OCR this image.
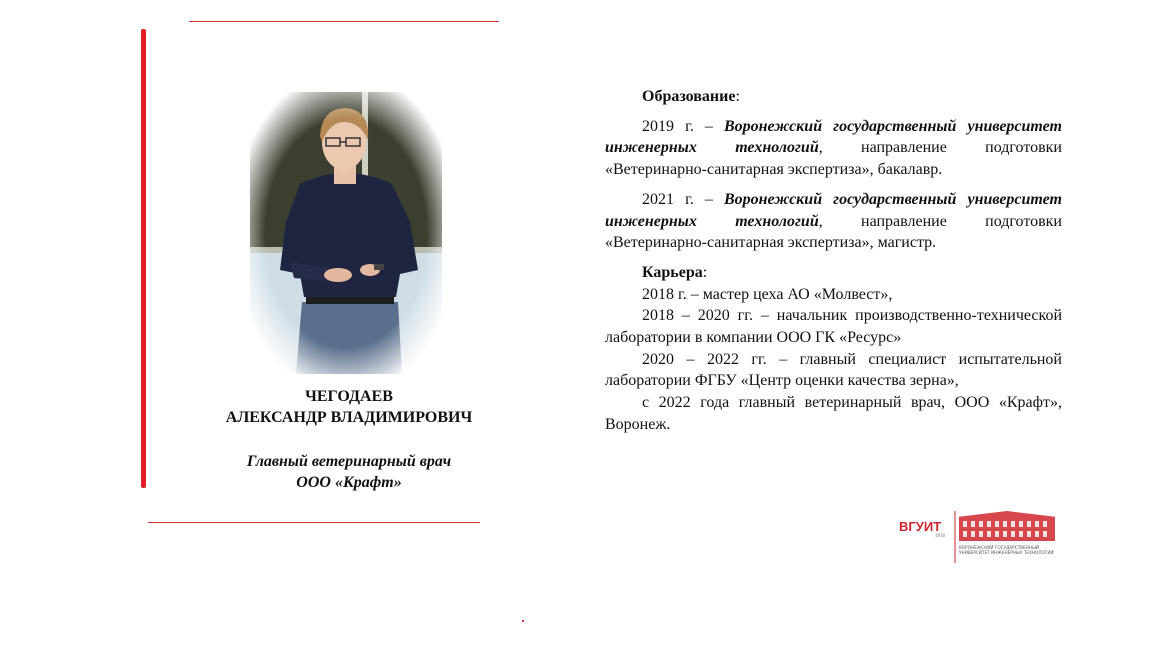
ЧЕГОДАЕВ
АЛЕКСАНДР ВЛАДИМИРОВИЧ
Главный ветеринарный врач
ООО «Крафт»

Образование:

2019 г. – Воронежский государственный университет инженерных технологий, направление подготовки «Ветеринарно-санитарная экспертиза», бакалавр.

2021 г. – Воронежский государственный университет инженерных технологий, направление подготовки «Ветеринарно-санитарная экспертиза», магистр.

Карьера:

2018 г. – мастер цеха АО «Молвест»,

2018 – 2020 гг. – начальник производственно-технической лаборатории в компании ООО ГК «Ресурс»

2020 – 2022 гг. – главный специалист испытательной лаборатории ФГБУ «Центр оценки качества зерна»,

с 2022 года главный ветеринарный врач, ООО «Крафт», Воронеж.

ВГУИТ
1930
ВОРОНЕЖСКИЙ ГОСУДАРСТВЕННЫЙ УНИВЕРСИТЕТ ИНЖЕНЕРНЫХ ТЕХНОЛОГИЙ
